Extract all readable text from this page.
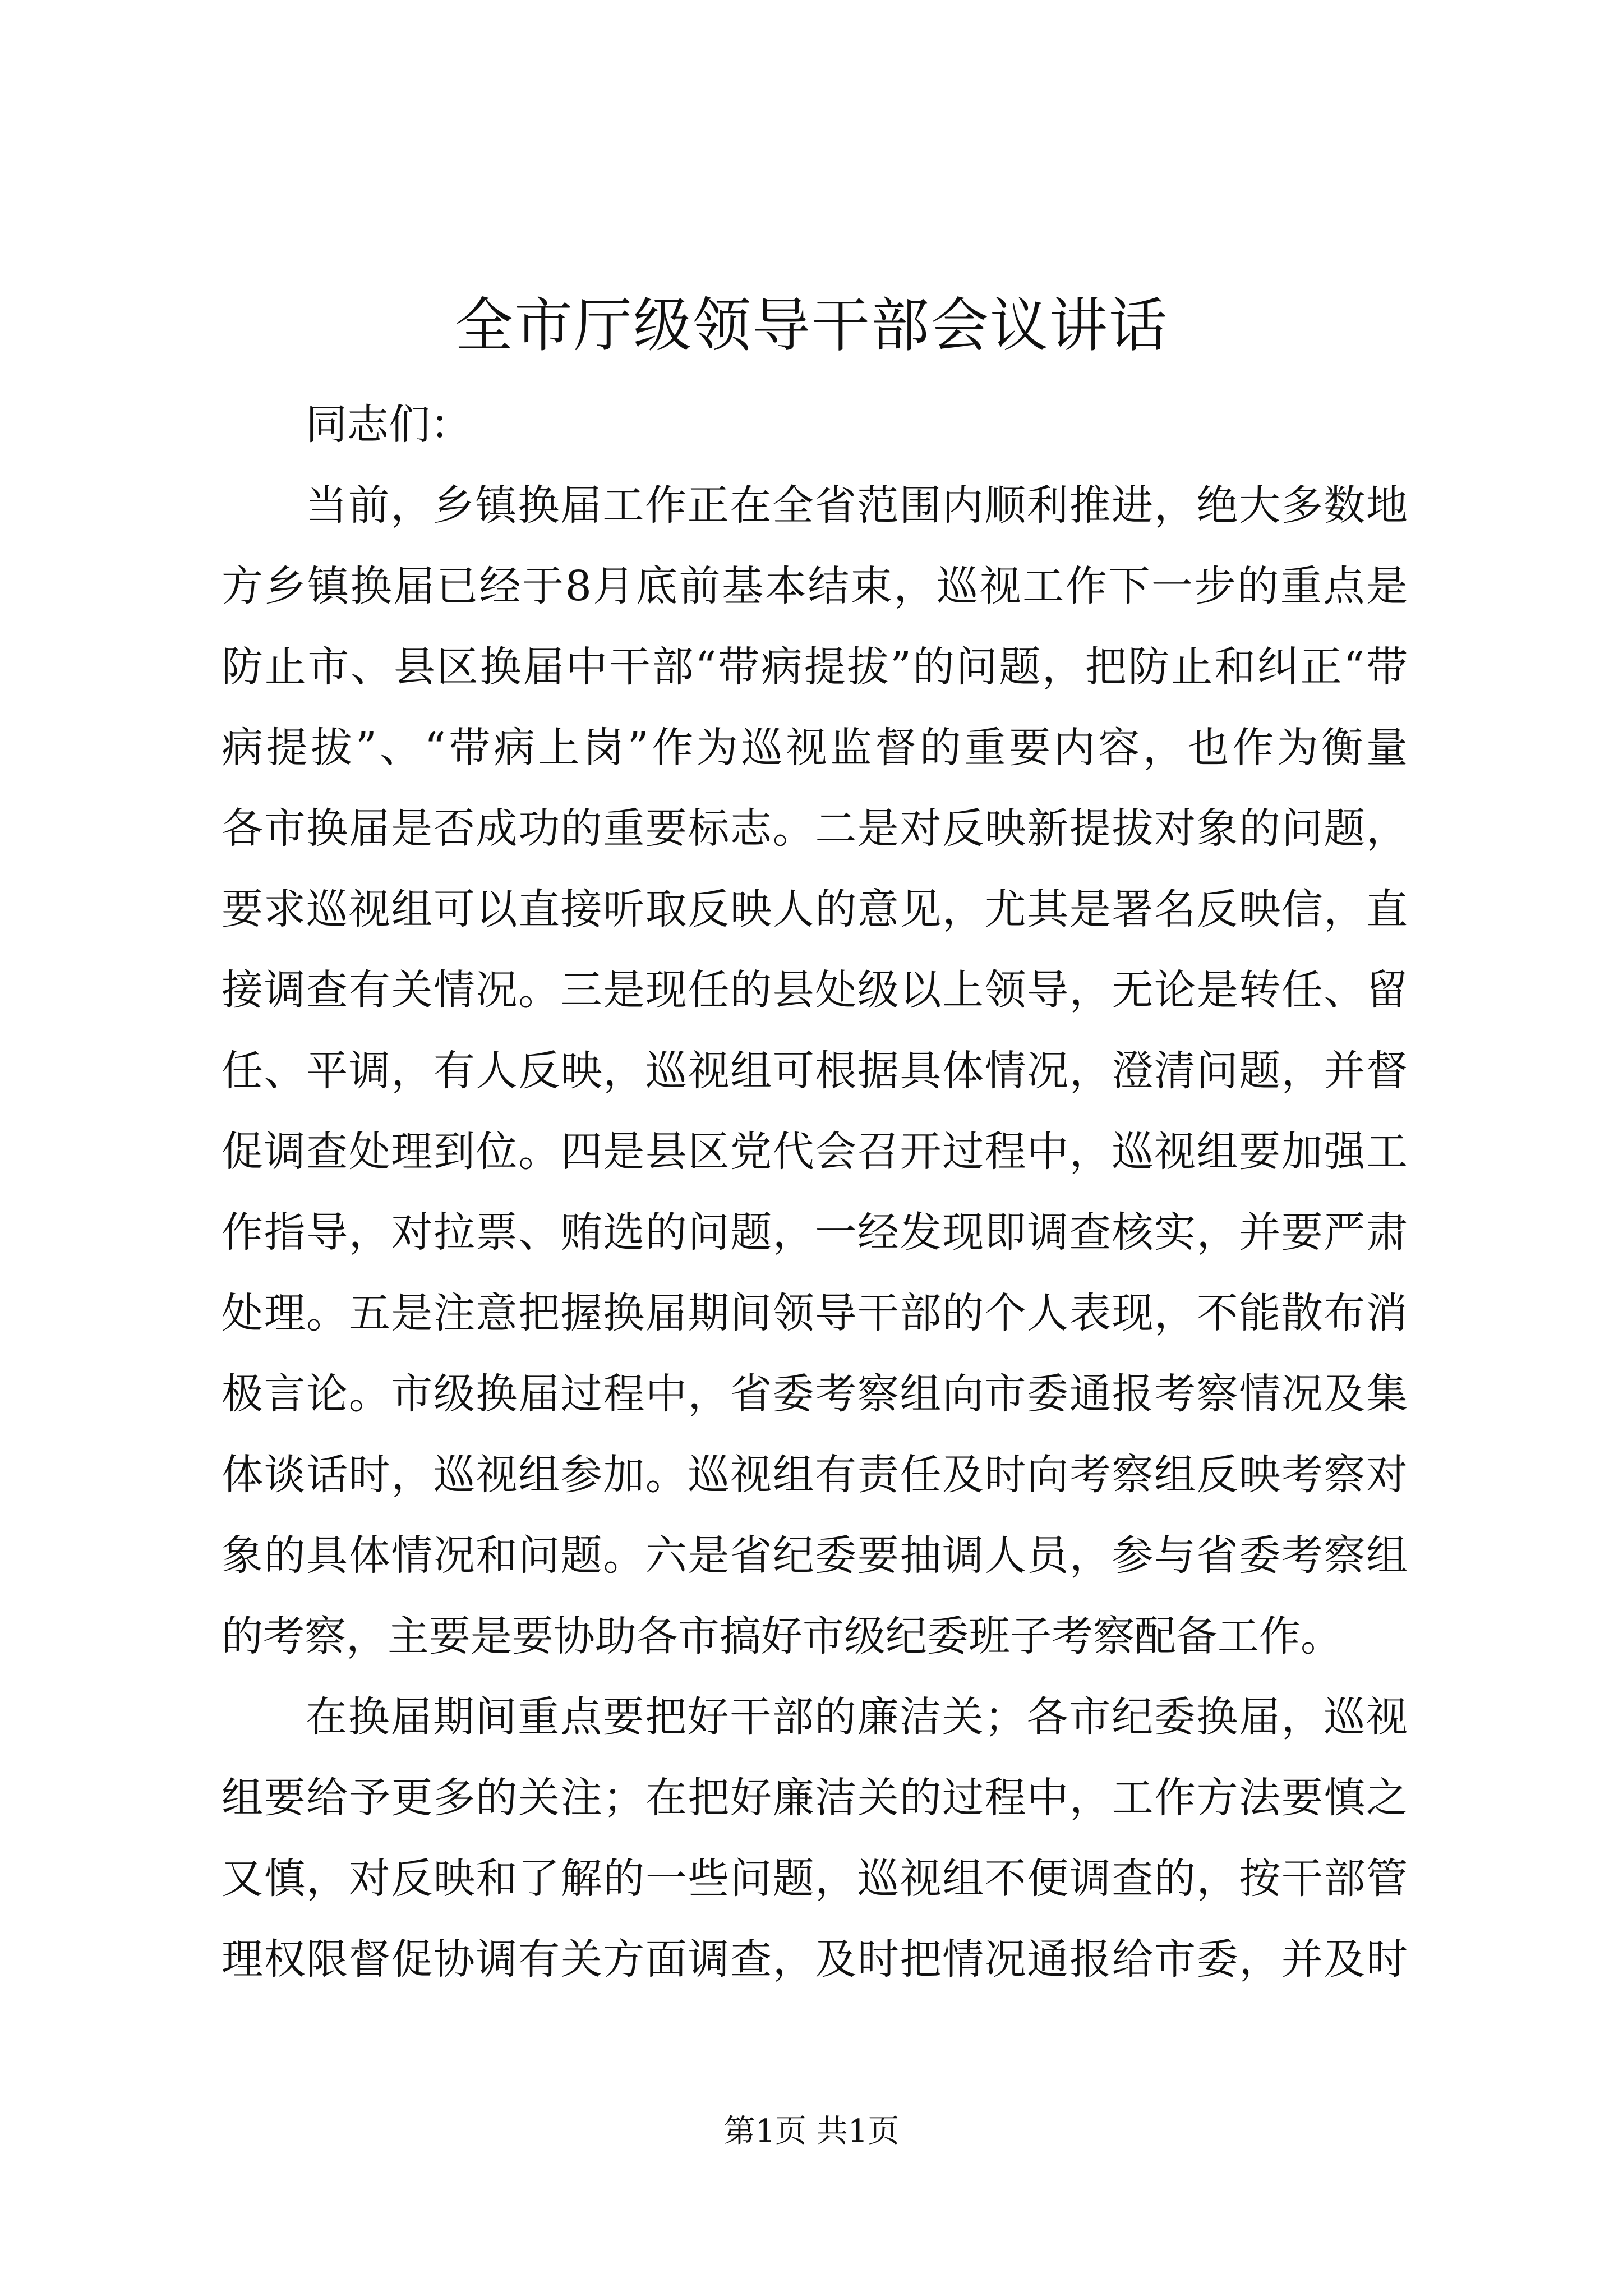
全市厅级领导干部会议讲话
同志们：
当前，乡镇换届工作正在全省范围内顺利推进，绝大多数地
方乡镇换届已经于8月底前基本结束，巡视工作下一步的重点是
防止市、县区换届中干部“带病提拔”的问题，把防止和纠正“带
病提拔”、“带病上岗”作为巡视监督的重要内容，也作为衡量
各市换届是否成功的重要标志。二是对反映新提拔对象的问题，
要求巡视组可以直接听取反映人的意见，尤其是署名反映信，直
接调查有关情况。三是现任的县处级以上领导，无论是转任、留
任、平调，有人反映，巡视组可根据具体情况，澄清问题，并督
促调查处理到位。四是县区党代会召开过程中，巡视组要加强工
作指导，对拉票、贿选的问题，一经发现即调查核实，并要严肃
处理。五是注意把握换届期间领导干部的个人表现，不能散布消
极言论。市级换届过程中，省委考察组向市委通报考察情况及集
体谈话时，巡视组参加。巡视组有责任及时向考察组反映考察对
象的具体情况和问题。六是省纪委要抽调人员，参与省委考察组
的考察，主要是要协助各市搞好市级纪委班子考察配备工作。
在换届期间重点要把好干部的廉洁关；各市纪委换届，巡视
组要给予更多的关注；在把好廉洁关的过程中，工作方法要慎之
又慎，对反映和了解的一些问题，巡视组不便调查的，按干部管
理权限督促协调有关方面调查，及时把情况通报给市委，并及时
第1页 共1页
